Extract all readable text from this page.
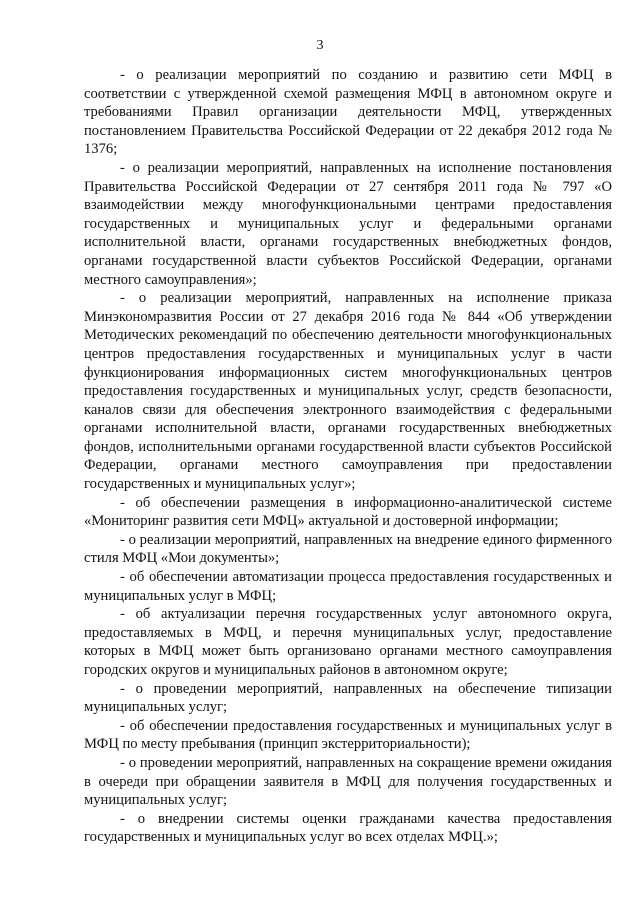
3

- о реализации мероприятий по созданию и развитию сети МФЦ в соответствии с утвержденной схемой размещения МФЦ в автономном округе и требованиями Правил организации деятельности МФЦ, утвержденных постановлением Правительства Российской Федерации от 22 декабря 2012 года № 1376;

- о реализации мероприятий, направленных на исполнение постановления Правительства Российской Федерации от 27 сентября 2011 года № 797 «О взаимодействии между многофункциональными центрами предоставления государственных и муниципальных услуг и федеральными органами исполнительной власти, органами государственных внебюджетных фондов, органами государственной власти субъектов Российской Федерации, органами местного самоуправления»;

- о реализации мероприятий, направленных на исполнение приказа Минэкономразвития России от 27 декабря 2016 года № 844 «Об утверждении Методических рекомендаций по обеспечению деятельности многофункциональных центров предоставления государственных и муниципальных услуг в части функционирования информационных систем многофункциональных центров предоставления государственных и муниципальных услуг, средств безопасности, каналов связи для обеспечения электронного взаимодействия с федеральными органами исполнительной власти, органами государственных внебюджетных фондов, исполнительными органами государственной власти субъектов Российской Федерации, органами местного самоуправления при предоставлении государственных и муниципальных услуг»;

- об обеспечении размещения в информационно-аналитической системе «Мониторинг развития сети МФЦ» актуальной и достоверной информации;

- о реализации мероприятий, направленных на внедрение единого фирменного стиля МФЦ «Мои документы»;

- об обеспечении автоматизации процесса предоставления государственных и муниципальных услуг в МФЦ;

- об актуализации перечня государственных услуг автономного округа, предоставляемых в МФЦ, и перечня муниципальных услуг, предоставление которых в МФЦ может быть организовано органами местного самоуправления городских округов и муниципальных районов в автономном округе;

- о проведении мероприятий, направленных на обеспечение типизации муниципальных услуг;

- об обеспечении предоставления государственных и муниципальных услуг в МФЦ по месту пребывания (принцип экстерриториальности);

- о проведении мероприятий, направленных на сокращение времени ожидания в очереди при обращении заявителя в МФЦ для получения государственных и муниципальных услуг;

- о внедрении системы оценки гражданами качества предоставления государственных и муниципальных услуг во всех отделах МФЦ.»;
